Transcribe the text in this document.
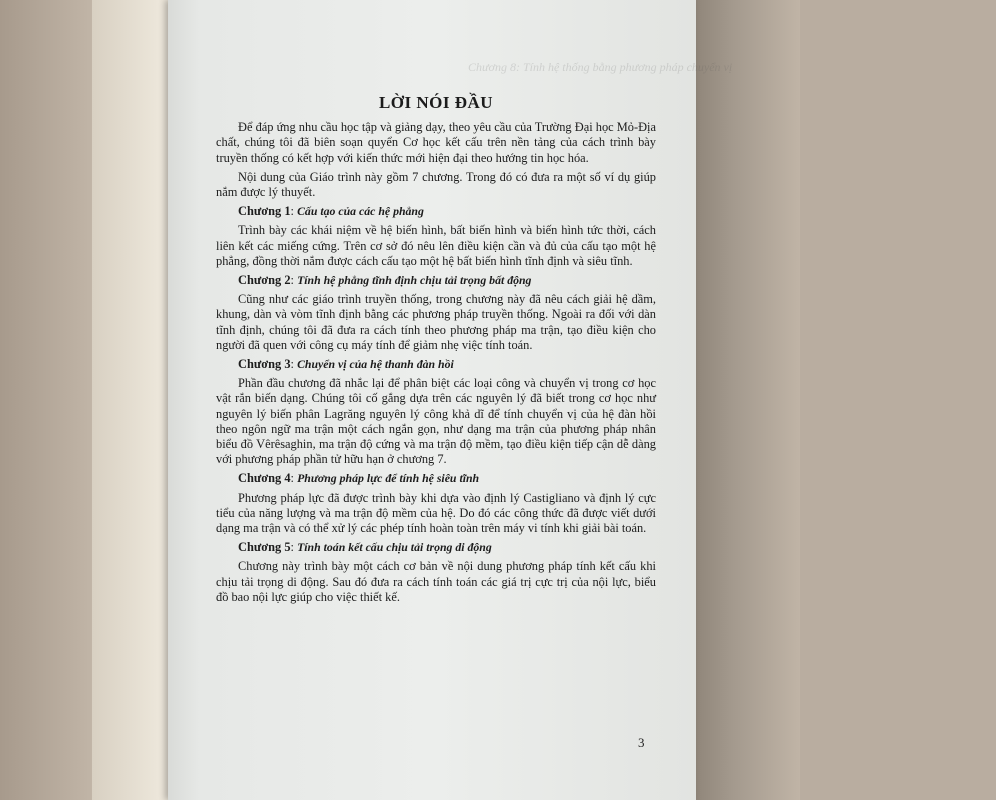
Chương 8: Tính hệ thống bằng phương pháp chuyển vị
LỜI NÓI ĐẦU

Để đáp ứng nhu cầu học tập và giảng dạy, theo yêu cầu của Trường Đại học Mỏ-Địa chất, chúng tôi đã biên soạn quyển Cơ học kết cấu trên nền tảng của cách trình bày truyền thống có kết hợp với kiến thức mới hiện đại theo hướng tin học hóa.

Nội dung của Giáo trình này gồm 7 chương. Trong đó có đưa ra một số ví dụ giúp nắm được lý thuyết.

Chương 1: Cấu tạo của các hệ phẳng

Trình bày các khái niệm về hệ biến hình, bất biến hình và biến hình tức thời, cách liên kết các miếng cứng. Trên cơ sở đó nêu lên điều kiện cần và đủ của cấu tạo một hệ phẳng, đồng thời nắm được cách cấu tạo một hệ bất biến hình tĩnh định và siêu tĩnh.

Chương 2: Tính hệ phẳng tĩnh định chịu tải trọng bất động

Cũng như các giáo trình truyền thống, trong chương này đã nêu cách giải hệ dầm, khung, dàn và vòm tĩnh định bằng các phương pháp truyền thống. Ngoài ra đối với dàn tĩnh định, chúng tôi đã đưa ra cách tính theo phương pháp ma trận, tạo điều kiện cho người đã quen với công cụ máy tính để giảm nhẹ việc tính toán.

Chương 3: Chuyển vị của hệ thanh đàn hồi

Phần đầu chương đã nhắc lại để phân biệt các loại công và chuyển vị trong cơ học vật rắn biến dạng. Chúng tôi cố gắng dựa trên các nguyên lý đã biết trong cơ học như nguyên lý biến phân Lagrăng nguyên lý công khả dĩ để tính chuyển vị của hệ đàn hồi theo ngôn ngữ ma trận một cách ngắn gọn, như dạng ma trận của phương pháp nhân biểu đồ Vêrêsaghin, ma trận độ cứng và ma trận độ mềm, tạo điều kiện tiếp cận dễ dàng với phương pháp phần tử hữu hạn ở chương 7.

Chương 4: Phương pháp lực để tính hệ siêu tĩnh

Phương pháp lực đã được trình bày khi dựa vào định lý Castigliano và định lý cực tiểu của năng lượng và ma trận độ mềm của hệ. Do đó các công thức đã được viết dưới dạng ma trận và có thể xử lý các phép tính hoàn toàn trên máy vi tính khi giải bài toán.

Chương 5: Tính toán kết cấu chịu tải trọng di động

Chương này trình bày một cách cơ bản về nội dung phương pháp tính kết cấu khi chịu tải trọng di động. Sau đó đưa ra cách tính toán các giá trị cực trị của nội lực, biểu đồ bao nội lực giúp cho việc thiết kế.

3
